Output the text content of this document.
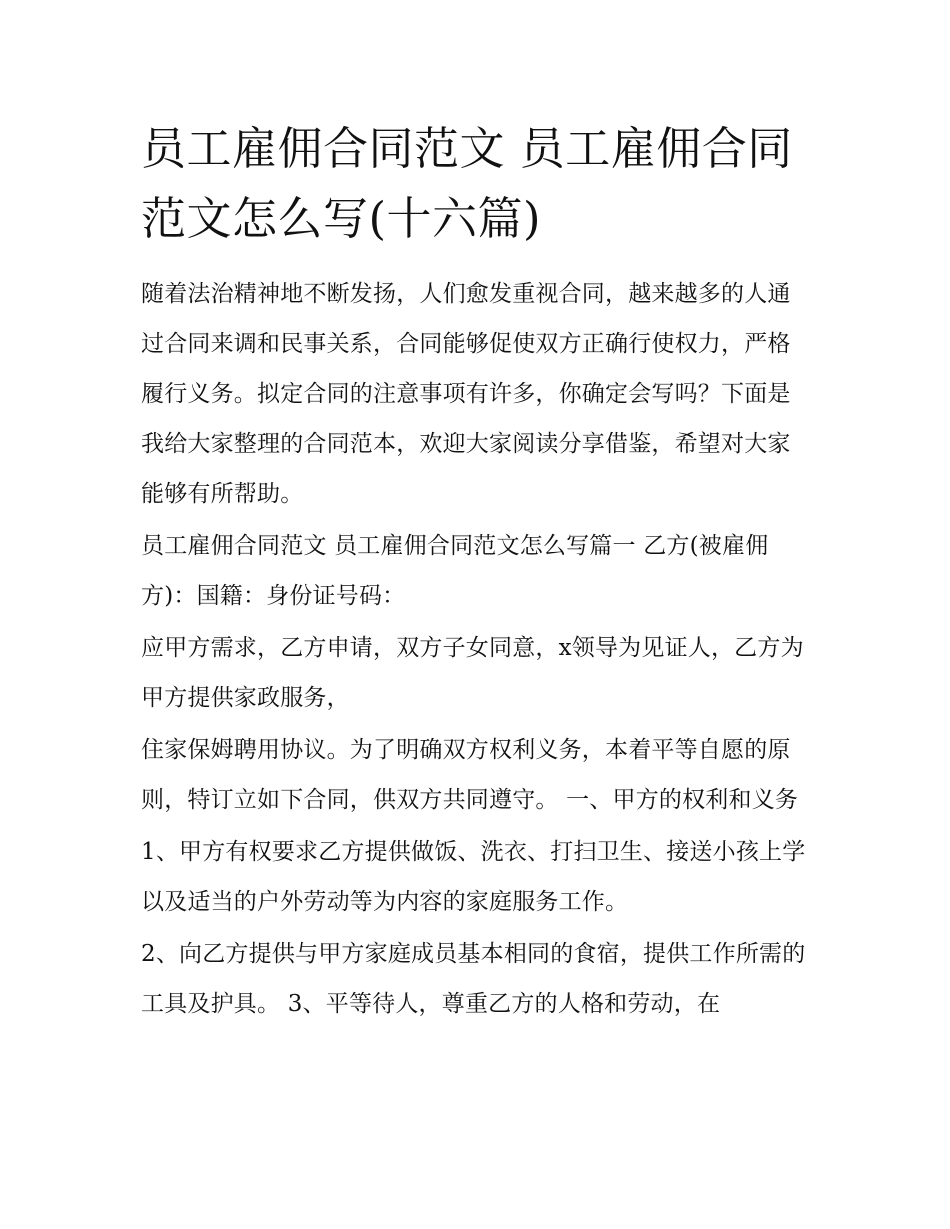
员工雇佣合同范文 员工雇佣合同范文怎么写(十六篇)

随着法治精神地不断发扬，人们愈发重视合同，越来越多的人通过合同来调和民事关系，合同能够促使双方正确行使权力，严格履行义务。拟定合同的注意事项有许多，你确定会写吗？下面是我给大家整理的合同范本，欢迎大家阅读分享借鉴，希望对大家能够有所帮助。

员工雇佣合同范文 员工雇佣合同范文怎么写篇一 乙方(被雇佣方)：国籍：身份证号码：

应甲方需求，乙方申请，双方子女同意，x领导为见证人，乙方为甲方提供家政服务，

住家保姆聘用协议。为了明确双方权利义务，本着平等自愿的原则，特订立如下合同，供双方共同遵守。 一、甲方的权利和义务

1、甲方有权要求乙方提供做饭、洗衣、打扫卫生、接送小孩上学以及适当的户外劳动等为内容的家庭服务工作。

2、向乙方提供与甲方家庭成员基本相同的食宿，提供工作所需的工具及护具。 3、平等待人，尊重乙方的人格和劳动，在
